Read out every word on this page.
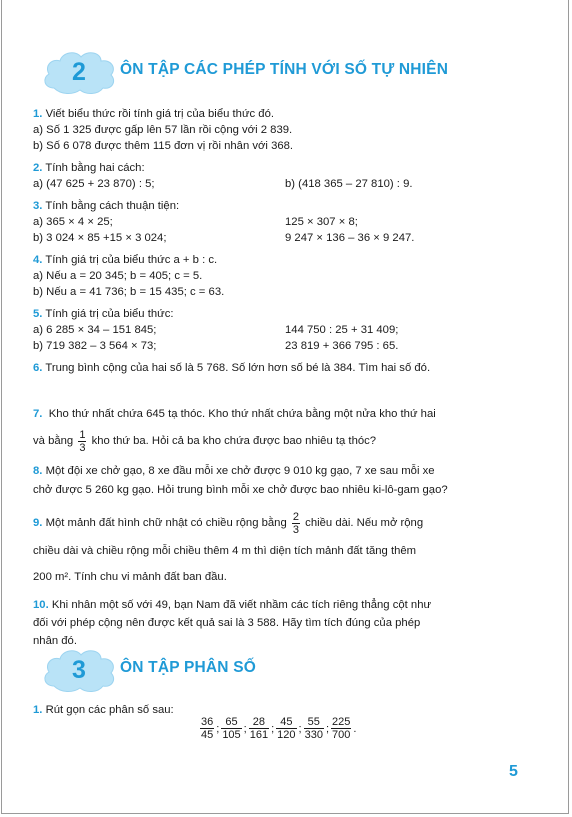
2	ÔN TẬP CÁC PHÉP TÍNH VỚI SỐ TỰ NHIÊN
1. Viết biểu thức rồi tính giá trị của biểu thức đó.
a) Số 1 325 được gấp lên 57 lần rồi cộng với 2 839.
b) Số 6 078 được thêm 115 đơn vị rồi nhân với 368.
2. Tính bằng hai cách:
a) (47 625 + 23 870) : 5;	b) (418 365 – 27 810) : 9.
3. Tính bằng cách thuận tiện:
a) 365 × 4 × 25;	125 × 307 × 8;
b) 3 024 × 85 +15 × 3 024;	9 247 × 136 – 36 × 9 247.
4. Tính giá trị của biểu thức a + b : c.
a) Nếu a = 20 345; b = 405; c = 5.
b) Nếu a = 41 736; b = 15 435; c = 63.
5. Tính giá trị của biểu thức:
a) 6 285 × 34 – 151 845;	144 750 : 25 + 31 409;
b) 719 382 – 3 564 × 73;	23 819 + 366 795 : 65.
6. Trung bình cộng của hai số là 5 768. Số lớn hơn số bé là 384. Tìm hai số đó.
7. Kho thứ nhất chứa 645 tạ thóc. Kho thứ nhất chứa bằng một nửa kho thứ hai
và bằng $\frac{1}{3}$ kho thứ ba. Hỏi cả ba kho chứa được bao nhiêu tạ thóc?
8. Một đội xe chở gạo, 8 xe đầu mỗi xe chở được 9 010 kg gạo, 7 xe sau mỗi xe
chở được 5 260 kg gạo. Hỏi trung bình mỗi xe chở được bao nhiêu ki-lô-gam gạo?
9. Một mảnh đất hình chữ nhật có chiều rộng bằng $\frac{2}{3}$ chiều dài. Nếu mở rộng
chiều dài và chiều rộng mỗi chiều thêm 4 m thì diện tích mảnh đất tăng thêm
200 m². Tính chu vi mảnh đất ban đầu.
10. Khi nhân một số với 49, bạn Nam đã viết nhầm các tích riêng thẳng cột như
đối với phép cộng nên được kết quả sai là 3 588. Hãy tìm tích đúng của phép
nhân đó.
3	ÔN TẬP PHÂN SỐ
1. Rút gọn các phân số sau:
$\frac{36}{45}$ ; $\frac{65}{105}$ ; $\frac{28}{161}$ ; $\frac{45}{120}$ ; $\frac{55}{330}$ ; $\frac{225}{700}$ .
5
